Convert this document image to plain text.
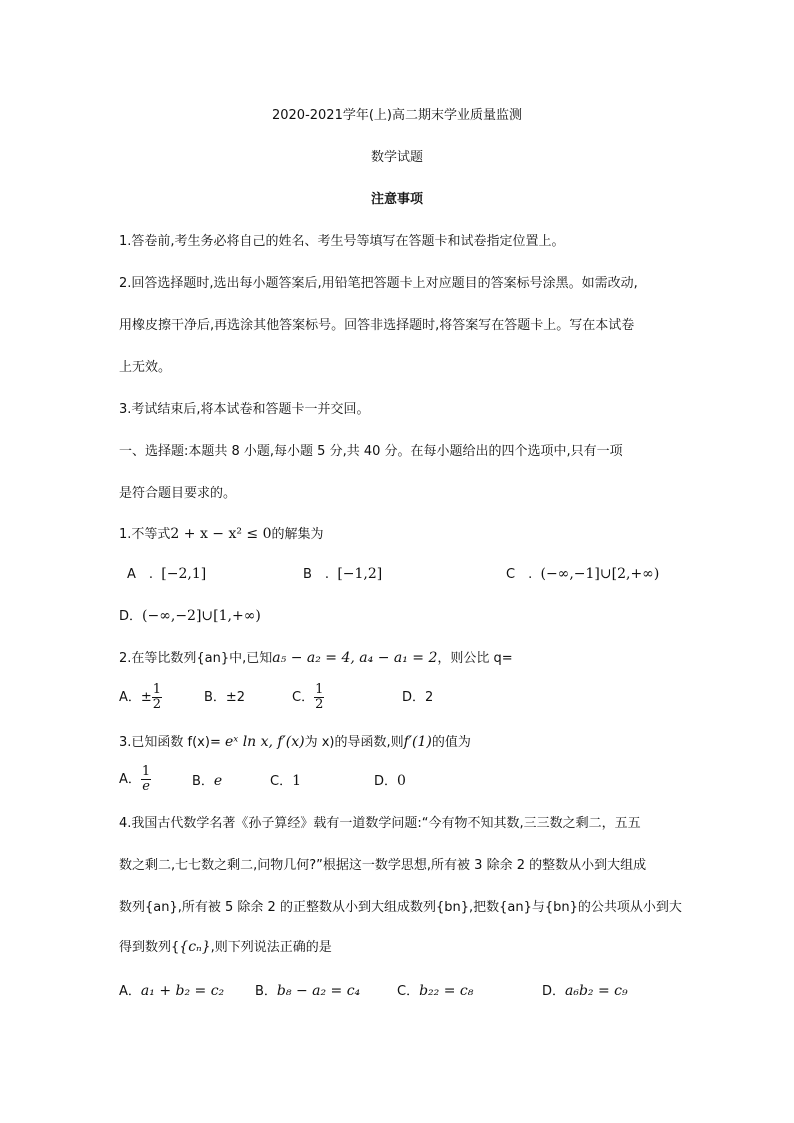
2020-2021学年(上)高二期末学业质量监测
数学试题
注意事项
1.答卷前,考生务必将自己的姓名、考生号等填写在答题卡和试卷指定位置上。
2.回答选择题时,选出每小题答案后,用铅笔把答题卡上对应题目的答案标号涂黑。如需改动,
用橡皮擦干净后,再选涂其他答案标号。回答非选择题时,将答案写在答题卡上。写在本试卷
上无效。
3.考试结束后,将本试卷和答题卡一并交回。
一、选择题:本题共 8 小题,每小题 5 分,共 40 分。在每小题给出的四个选项中,只有一项
是符合题目要求的。
1.不等式2 + x − x² ≤ 0的解集为
A　. [−2,1]	B　. [−1,2]	C　. (−∞,−1]∪[2,+∞)
D．(−∞,−2]∪[1,+∞)
2.在等比数列{an}中,已知a₅ − a₂ = 4, a₄ − a₁ = 2，则公比 q=
A．± $\frac{1}{2}$	B．±2	C． $\frac{1}{2}$	D．2
3.已知函数 f(x)= eˣ ln x, f′(x)为 x)的导函数,则f′(1)的值为
A． $\frac{1}{e}$	B．e	C．1	D．0
4.我国古代数学名著《孙子算经》载有一道数学问题:“今有物不知其数,三三数之剩二，五五
数之剩二,七七数之剩二,问物几何?”根据这一数学思想,所有被 3 除余 2 的整数从小到大组成
数列{an},所有被 5 除余 2 的正整数从小到大组成数列{bn},把数{an}与{bn}的公共项从小到大
得到数列{{cₙ},则下列说法正确的是
A．a₁ + b₂ = c₂ B．b₈ − a₂ = c₄	C．b₂₂ = c₈	D．a₆b₂ = c₉
